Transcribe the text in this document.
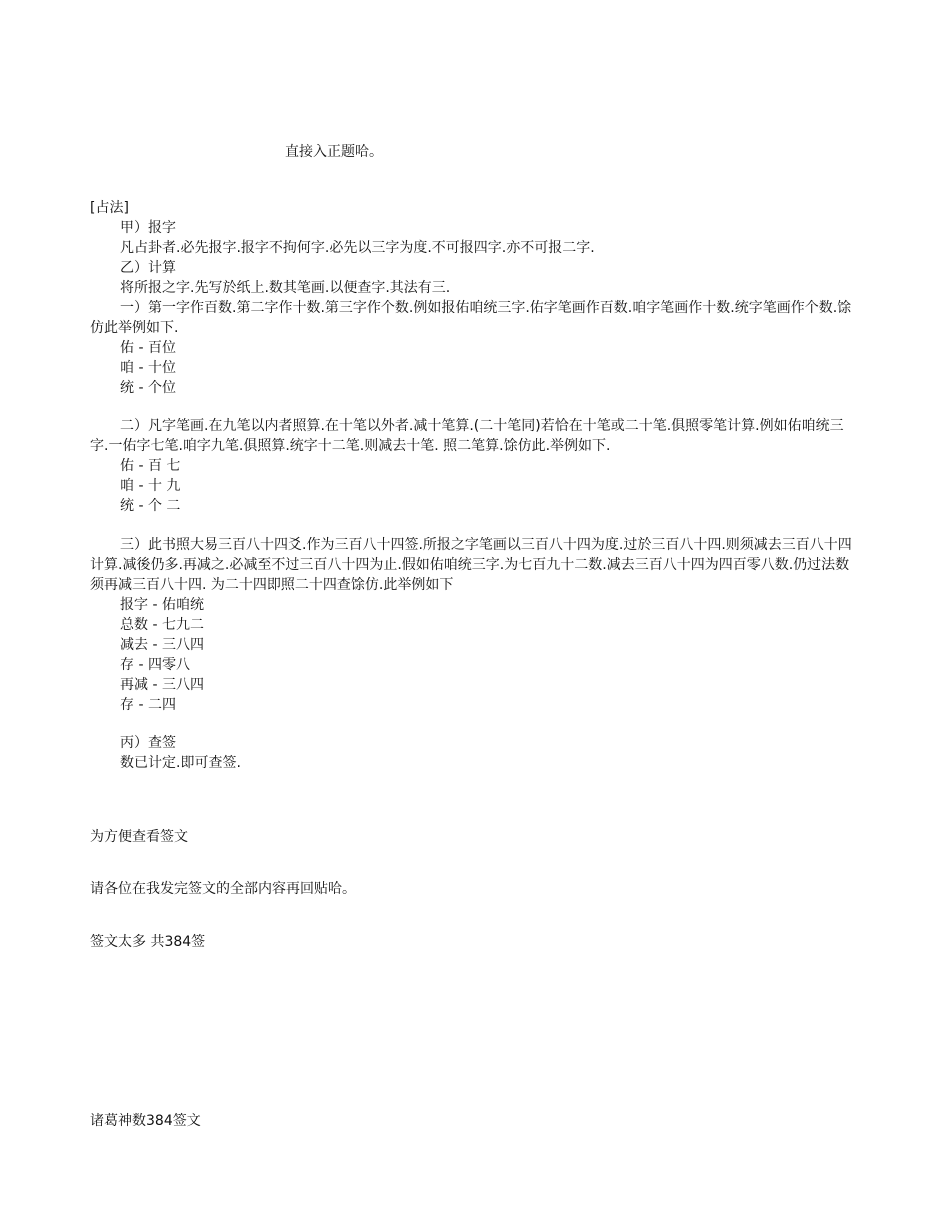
直接入正题哈。
[占法]
甲）报字
凡占卦者.必先报字.报字不拘何字.必先以三字为度.不可报四字.亦不可报二字.
乙）计算
将所报之字.先写於纸上.数其笔画.以便查字.其法有三.
一）第一字作百数.第二字作十数.第三字作个数.例如报佑咱统三字.佑字笔画作百数.咱字笔画作十数.统字笔画作个数.馀仿此举例如下.
佑 - 百位
咱 - 十位
统 - 个位
二）凡字笔画.在九笔以内者照算.在十笔以外者.减十笔算.(二十笔同)若恰在十笔或二十笔.俱照零笔计算.例如佑咱统三字.一佑字七笔.咱字九笔.俱照算.统字十二笔.则减去十笔. 照二笔算.馀仿此.举例如下.
佑 - 百 七
咱 - 十 九
统 - 个 二
三）此书照大易三百八十四爻.作为三百八十四签.所报之字笔画以三百八十四为度.过於三百八十四.则须减去三百八十四计算.减後仍多.再减之.必减至不过三百八十四为止.假如佑咱统三字.为七百九十二数.减去三百八十四为四百零八数.仍过法数须再减三百八十四. 为二十四即照二十四查馀仿.此举例如下
报字 - 佑咱统
总数 - 七九二
减去 - 三八四
存 - 四零八
再减 - 三八四
存 - 二四
丙）查签
数已计定.即可查签.
为方便查看签文
请各位在我发完签文的全部内容再回贴哈。
签文太多 共384签
诸葛神数384签文
